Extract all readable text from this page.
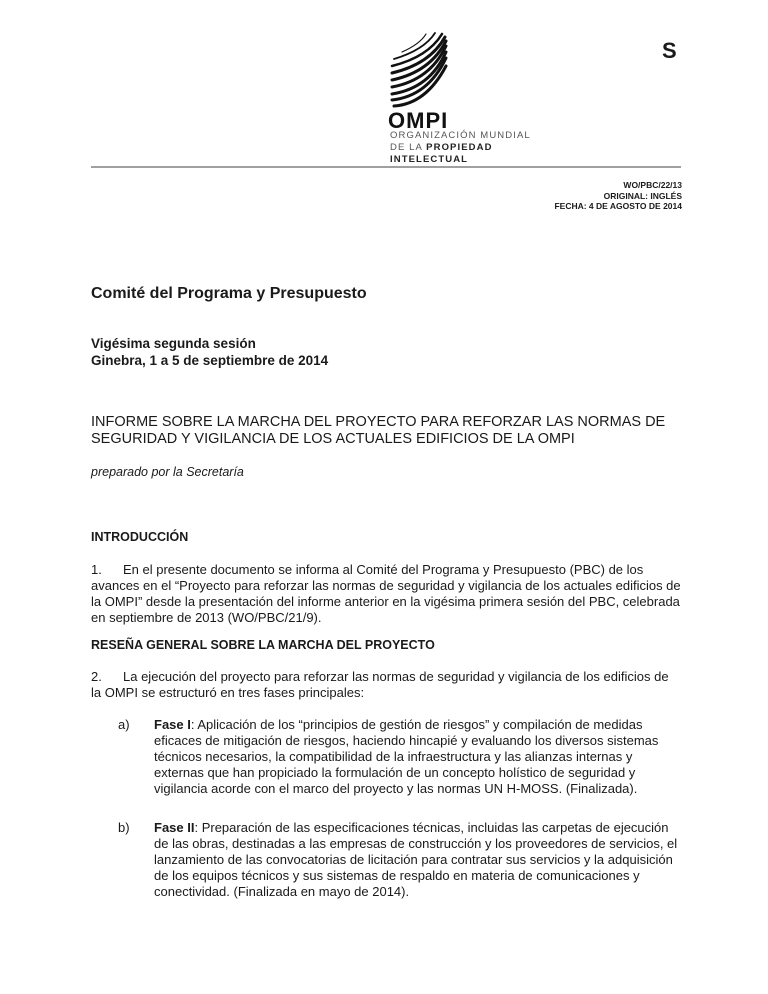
S
OMPI
ORGANIZACIÓN MUNDIAL
DE LA PROPIEDAD
INTELECTUAL
WO/PBC/22/13
ORIGINAL: INGLÉS
FECHA: 4 DE AGOSTO DE 2014
Comité del Programa y Presupuesto
Vigésima segunda sesión
Ginebra, 1 a 5 de septiembre de 2014
INFORME SOBRE LA MARCHA DEL PROYECTO PARA REFORZAR LAS NORMAS DE SEGURIDAD Y VIGILANCIA DE LOS ACTUALES EDIFICIOS DE LA OMPI
preparado por la Secretaría
INTRODUCCIÓN
1. En el presente documento se informa al Comité del Programa y Presupuesto (PBC) de los avances en el “Proyecto para reforzar las normas de seguridad y vigilancia de los actuales edificios de la OMPI” desde la presentación del informe anterior en la vigésima primera sesión del PBC, celebrada en septiembre de 2013 (WO/PBC/21/9).
RESEÑA GENERAL SOBRE LA MARCHA DEL PROYECTO
2. La ejecución del proyecto para reforzar las normas de seguridad y vigilancia de los edificios de la OMPI se estructuró en tres fases principales:
a) Fase I: Aplicación de los “principios de gestión de riesgos” y compilación de medidas eficaces de mitigación de riesgos, haciendo hincapié y evaluando los diversos sistemas técnicos necesarios, la compatibilidad de la infraestructura y las alianzas internas y externas que han propiciado la formulación de un concepto holístico de seguridad y vigilancia acorde con el marco del proyecto y las normas UN H-MOSS. (Finalizada).
b) Fase II: Preparación de las especificaciones técnicas, incluidas las carpetas de ejecución de las obras, destinadas a las empresas de construcción y los proveedores de servicios, el lanzamiento de las convocatorias de licitación para contratar sus servicios y la adquisición de los equipos técnicos y sus sistemas de respaldo en materia de comunicaciones y conectividad. (Finalizada en mayo de 2014).
